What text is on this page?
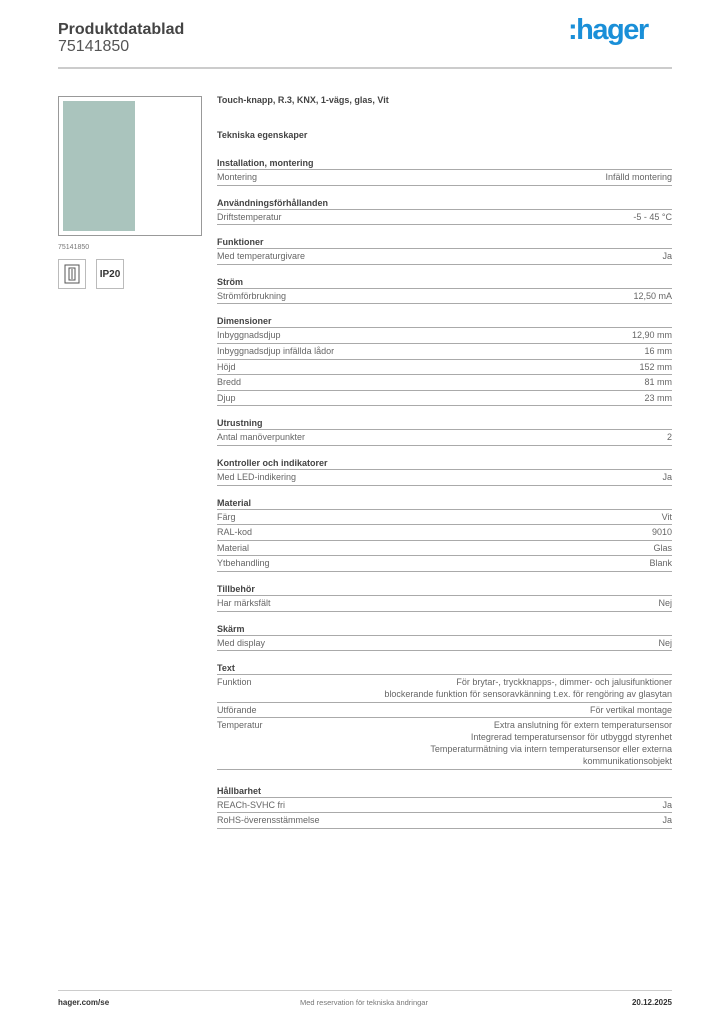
Produktdatablad
75141850
:hager
75141850
IP20
Touch-knapp, R.3, KNX, 1-vägs, glas, Vit
Tekniska egenskaper
Installation, montering
Montering	Infälld montering
Användningsförhållanden
Driftstemperatur	-5 - 45 °C
Funktioner
Med temperaturgivare	Ja
Ström
Strömförbrukning	12,50 mA
Dimensioner
Inbyggnadsdjup	12,90 mm
Inbyggnadsdjup infällda lådor	16 mm
Höjd	152 mm
Bredd	81 mm
Djup	23 mm
Utrustning
Antal manöverpunkter	2
Kontroller och indikatorer
Med LED-indikering	Ja
Material
Färg	Vit
RAL-kod	9010
Material	Glas
Ytbehandling	Blank
Tillbehör
Har märksfält	Nej
Skärm
Med display	Nej
Text
Funktion	För brytar-, tryckknapps-, dimmer- och jalusifunktioner
blockerande funktion för sensoravkänning t.ex. för rengöring av glasytan
Utförande	För vertikal montage
Temperatur	Extra anslutning för extern temperatursensor
Integrerad temperatursensor för utbyggd styrenhet
Temperaturmätning via intern temperatursensor eller externa
kommunikationsobjekt
Hållbarhet
REACh-SVHC fri	Ja
RoHS-överensstämmelse	Ja
hager.com/se	Med reservation för tekniska ändringar	20.12.2025
